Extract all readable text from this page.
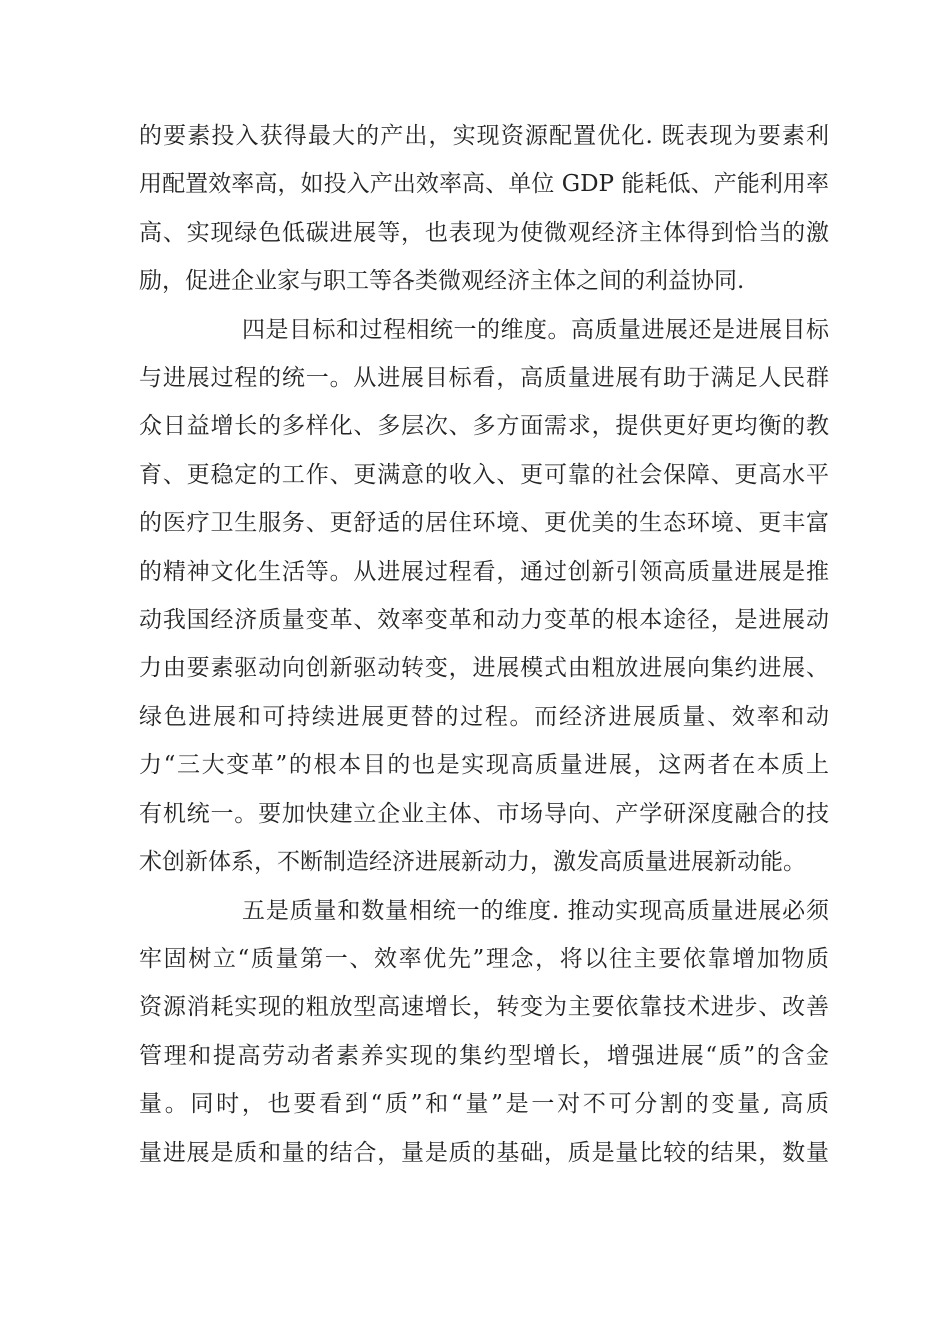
的要素投入获得最大的产出，实现资源配置优化. 既表现为要素利
用配置效率高，如投入产出效率高、单位 GDP 能耗低、产能利用率
高、实现绿色低碳进展等，也表现为使微观经济主体得到恰当的激
励，促进企业家与职工等各类微观经济主体之间的利益协同.
四是目标和过程相统一的维度。高质量进展还是进展目标
与进展过程的统一。从进展目标看，高质量进展有助于满足人民群
众日益增长的多样化、多层次、多方面需求，提供更好更均衡的教
育、更稳定的工作、更满意的收入、更可靠的社会保障、更高水平
的医疗卫生服务、更舒适的居住环境、更优美的生态环境、更丰富
的精神文化生活等。从进展过程看，通过创新引领高质量进展是推
动我国经济质量变革、效率变革和动力变革的根本途径，是进展动
力由要素驱动向创新驱动转变，进展模式由粗放进展向集约进展、
绿色进展和可持续进展更替的过程。而经济进展质量、效率和动
力“三大变革”的根本目的也是实现高质量进展，这两者在本质上
有机统一。要加快建立企业主体、市场导向、产学研深度融合的技
术创新体系，不断制造经济进展新动力，激发高质量进展新动能。
五是质量和数量相统一的维度. 推动实现高质量进展必须
牢固树立“质量第一、效率优先”理念，将以往主要依靠增加物质
资源消耗实现的粗放型高速增长，转变为主要依靠技术进步、改善
管理和提高劳动者素养实现的集约型增长，增强进展“质”的含金
量。同时，也要看到“质”和“量”是一对不可分割的变量, 高质
量进展是质和量的结合，量是质的基础，质是量比较的结果，数量
